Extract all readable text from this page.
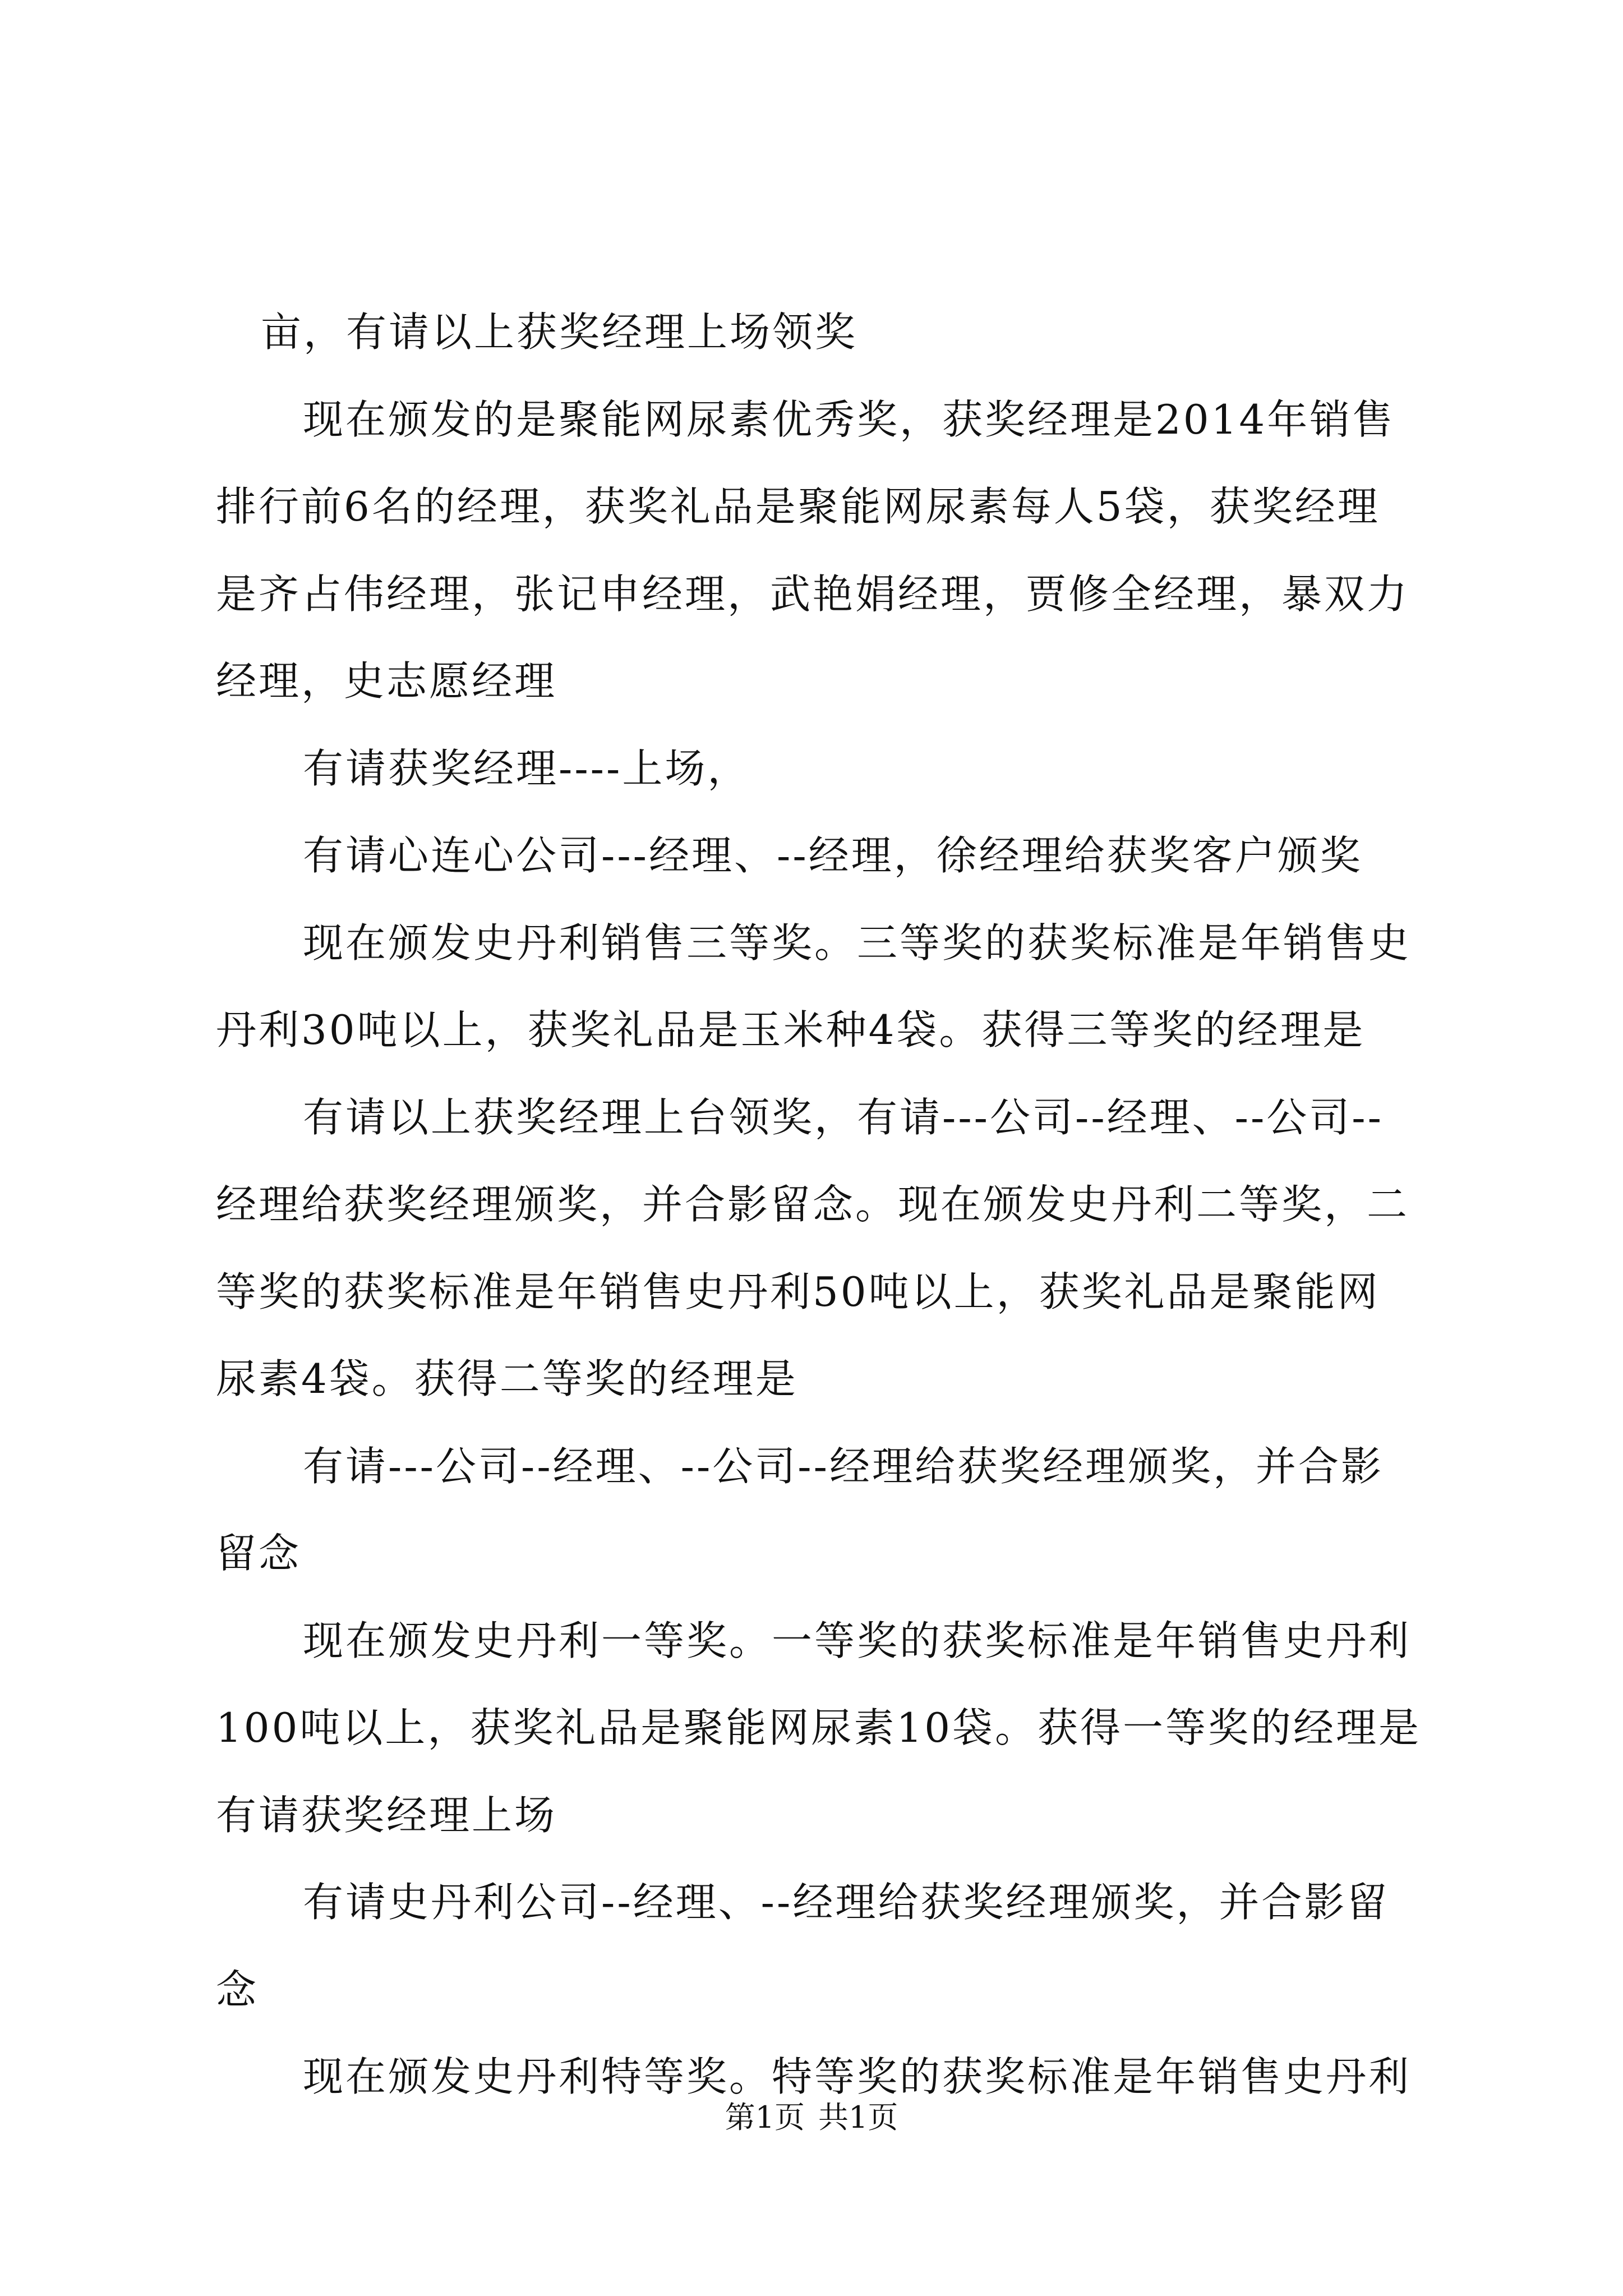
亩，有请以上获奖经理上场领奖

现在颁发的是聚能网尿素优秀奖，获奖经理是2014年销售排行前6名的经理，获奖礼品是聚能网尿素每人5袋，获奖经理是齐占伟经理，张记申经理，武艳娟经理，贾修全经理，暴双力经理，史志愿经理

有请获奖经理----上场，

有请心连心公司---经理、--经理，徐经理给获奖客户颁奖

现在颁发史丹利销售三等奖。三等奖的获奖标准是年销售史丹利30吨以上，获奖礼品是玉米种4袋。获得三等奖的经理是

有请以上获奖经理上台领奖，有请---公司--经理、--公司--经理给获奖经理颁奖，并合影留念。现在颁发史丹利二等奖，二等奖的获奖标准是年销售史丹利50吨以上，获奖礼品是聚能网尿素4袋。获得二等奖的经理是

有请---公司--经理、--公司--经理给获奖经理颁奖，并合影留念

现在颁发史丹利一等奖。一等奖的获奖标准是年销售史丹利100吨以上，获奖礼品是聚能网尿素10袋。获得一等奖的经理是有请获奖经理上场

有请史丹利公司--经理、--经理给获奖经理颁奖，并合影留念

现在颁发史丹利特等奖。特等奖的获奖标准是年销售史丹利

第1页 共1页
